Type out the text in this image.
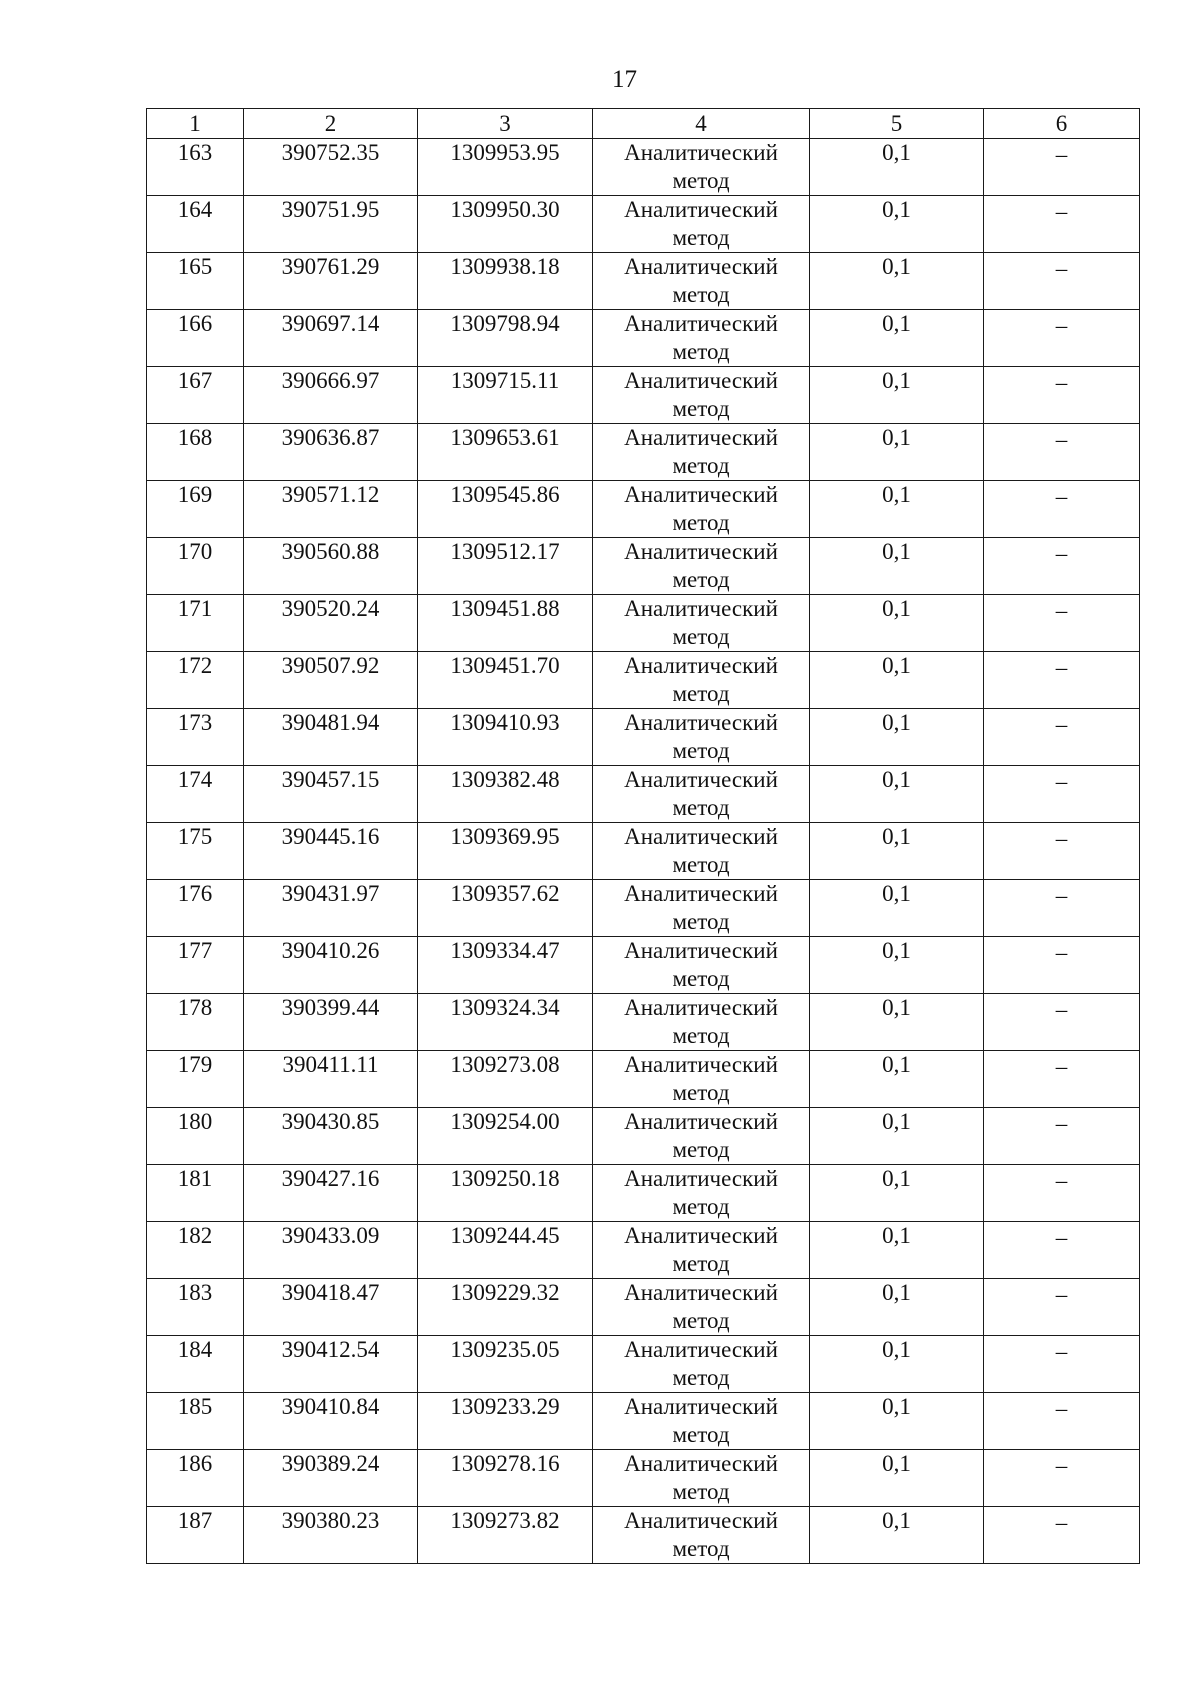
17
1	2	3	4	5	6
163	390752.35	1309953.95	Аналитический метод	0,1	–
164	390751.95	1309950.30	Аналитический метод	0,1	–
165	390761.29	1309938.18	Аналитический метод	0,1	–
166	390697.14	1309798.94	Аналитический метод	0,1	–
167	390666.97	1309715.11	Аналитический метод	0,1	–
168	390636.87	1309653.61	Аналитический метод	0,1	–
169	390571.12	1309545.86	Аналитический метод	0,1	–
170	390560.88	1309512.17	Аналитический метод	0,1	–
171	390520.24	1309451.88	Аналитический метод	0,1	–
172	390507.92	1309451.70	Аналитический метод	0,1	–
173	390481.94	1309410.93	Аналитический метод	0,1	–
174	390457.15	1309382.48	Аналитический метод	0,1	–
175	390445.16	1309369.95	Аналитический метод	0,1	–
176	390431.97	1309357.62	Аналитический метод	0,1	–
177	390410.26	1309334.47	Аналитический метод	0,1	–
178	390399.44	1309324.34	Аналитический метод	0,1	–
179	390411.11	1309273.08	Аналитический метод	0,1	–
180	390430.85	1309254.00	Аналитический метод	0,1	–
181	390427.16	1309250.18	Аналитический метод	0,1	–
182	390433.09	1309244.45	Аналитический метод	0,1	–
183	390418.47	1309229.32	Аналитический метод	0,1	–
184	390412.54	1309235.05	Аналитический метод	0,1	–
185	390410.84	1309233.29	Аналитический метод	0,1	–
186	390389.24	1309278.16	Аналитический метод	0,1	–
187	390380.23	1309273.82	Аналитический метод	0,1	–
